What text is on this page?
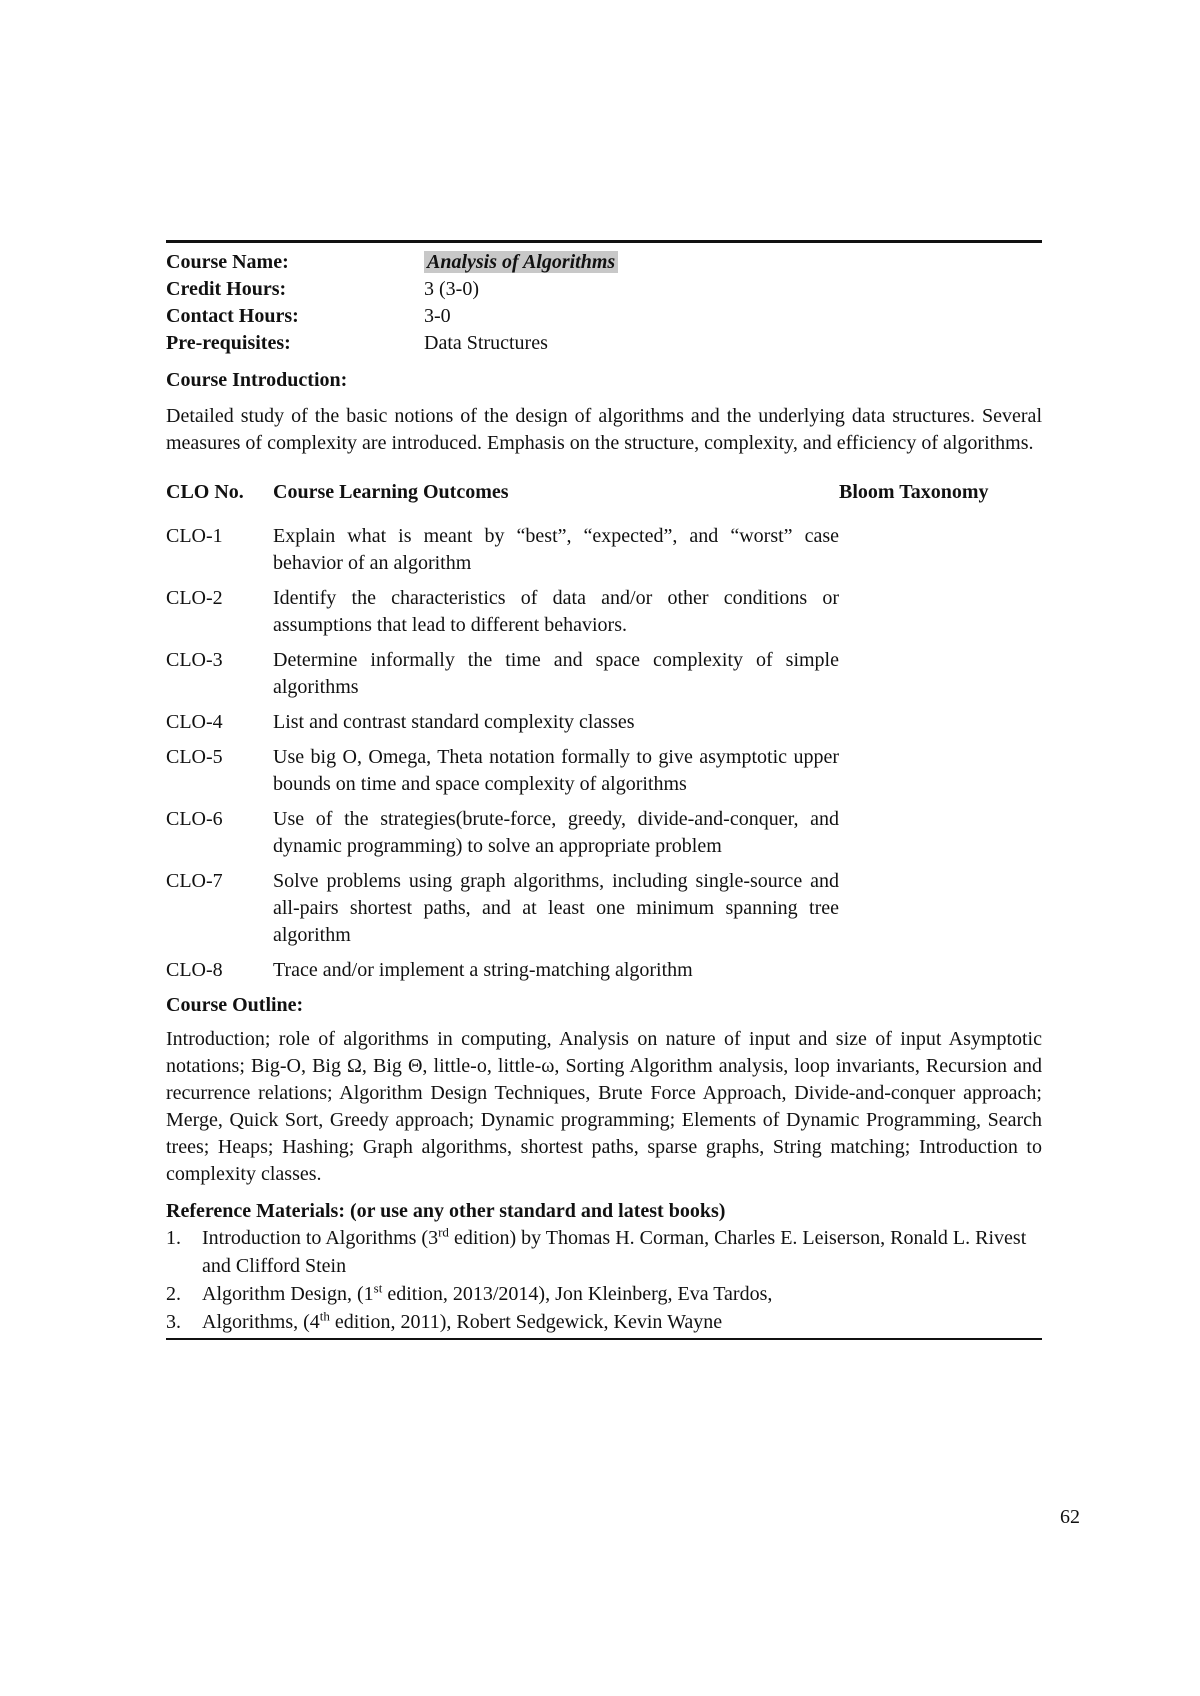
Course Name:	Analysis of Algorithms
Credit Hours:	3 (3-0)
Contact Hours:	3-0
Pre-requisites:	Data Structures
Course Introduction:

Detailed study of the basic notions of the design of algorithms and the underlying data structures. Several measures of complexity are introduced. Emphasis on the structure, complexity, and efficiency of algorithms.

CLO No.	Course Learning Outcomes	Bloom Taxonomy
CLO-1	Explain what is meant by “best”, “expected”, and “worst” case behavior of an algorithm
CLO-2	Identify the characteristics of data and/or other conditions or assumptions that lead to different behaviors.
CLO-3	Determine informally the time and space complexity of simple algorithms
CLO-4	List and contrast standard complexity classes
CLO-5	Use big O, Omega, Theta notation formally to give asymptotic upper bounds on time and space complexity of algorithms
CLO-6	Use of the strategies(brute-force, greedy, divide-and-conquer, and dynamic programming) to solve an appropriate problem
CLO-7	Solve problems using graph algorithms, including single-source and all-pairs shortest paths, and at least one minimum spanning tree algorithm
CLO-8	Trace and/or implement a string-matching algorithm
Course Outline:

Introduction; role of algorithms in computing, Analysis on nature of input and size of input Asymptotic notations; Big-O, Big Ω, Big Θ, little-o, little-ω, Sorting Algorithm analysis, loop invariants, Recursion and recurrence relations; Algorithm Design Techniques, Brute Force Approach, Divide-and-conquer approach; Merge, Quick Sort, Greedy approach; Dynamic programming; Elements of Dynamic Programming, Search trees; Heaps; Hashing; Graph algorithms, shortest paths, sparse graphs, String matching; Introduction to complexity classes.

Reference Materials: (or use any other standard and latest books)
1.	Introduction to Algorithms (3rd edition) by Thomas H. Corman, Charles E. Leiserson, Ronald L. Rivest and Clifford Stein
2.	Algorithm Design, (1st edition, 2013/2014), Jon Kleinberg, Eva Tardos,
3.	Algorithms, (4th edition, 2011), Robert Sedgewick, Kevin Wayne
62
